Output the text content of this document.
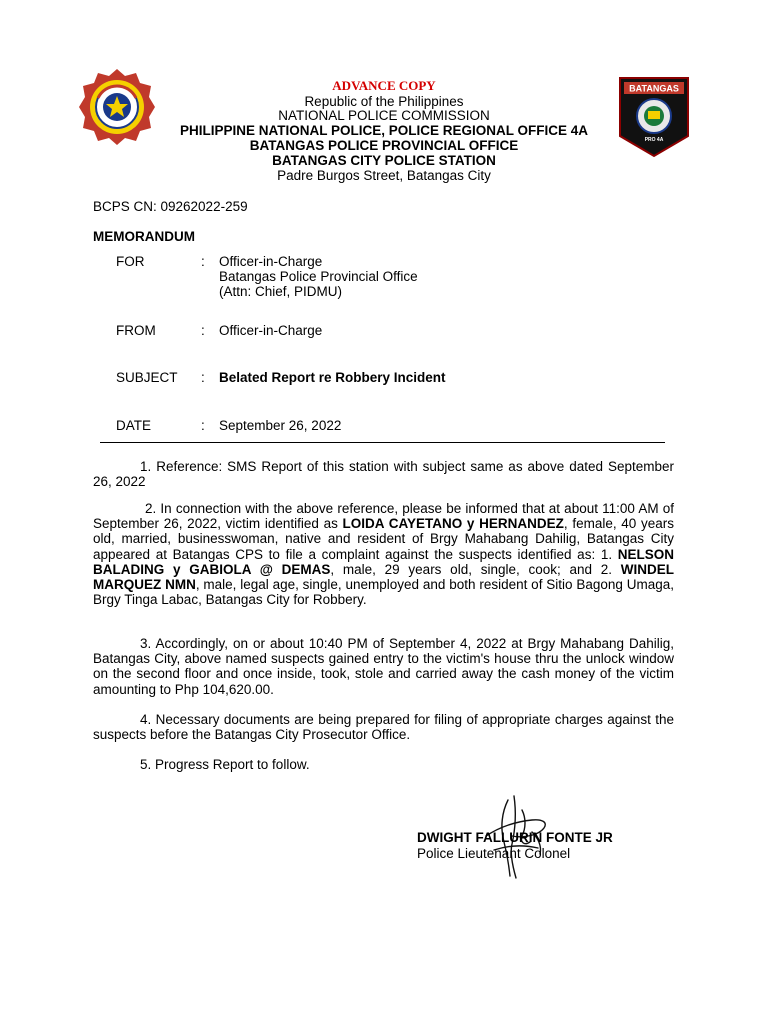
BATANGAS
PRO 4A
ADVANCE COPY
Republic of the Philippines
NATIONAL POLICE COMMISSION
PHILIPPINE NATIONAL POLICE, POLICE REGIONAL OFFICE 4A
BATANGAS POLICE PROVINCIAL OFFICE
BATANGAS CITY POLICE STATION
Padre Burgos Street, Batangas City
BCPS CN: 09262022-259
MEMORANDUM
FOR	: Officer-in-Charge
Batangas Police Provincial Office
(Attn: Chief, PIDMU)
FROM	: Officer-in-Charge
SUBJECT : Belated Report re Robbery Incident
DATE	: September 26, 2022

1. Reference: SMS Report of this station with subject same as above dated September 26, 2022

2. In connection with the above reference, please be informed that at about 11:00 AM of September 26, 2022, victim identified as LOIDA CAYETANO y HERNANDEZ, female, 40 years old, married, businesswoman, native and resident of Brgy Mahabang Dahilig, Batangas City appeared at Batangas CPS to file a complaint against the suspects identified as: 1. NELSON BALADING y GABIOLA @ DEMAS, male, 29 years old, single, cook; and 2. WINDEL MARQUEZ NMN, male, legal age, single, unemployed and both resident of Sitio Bagong Umaga, Brgy Tinga Labac, Batangas City for Robbery.

3. Accordingly, on or about 10:40 PM of September 4, 2022 at Brgy Mahabang Dahilig, Batangas City, above named suspects gained entry to the victim's house thru the unlock window on the second floor and once inside, took, stole and carried away the cash money of the victim amounting to Php 104,620.00.

4. Necessary documents are being prepared for filing of appropriate charges against the suspects before the Batangas City Prosecutor Office.

5. Progress Report to follow.

DWIGHT FALLURIN FONTE JR
Police Lieutenant Colonel
